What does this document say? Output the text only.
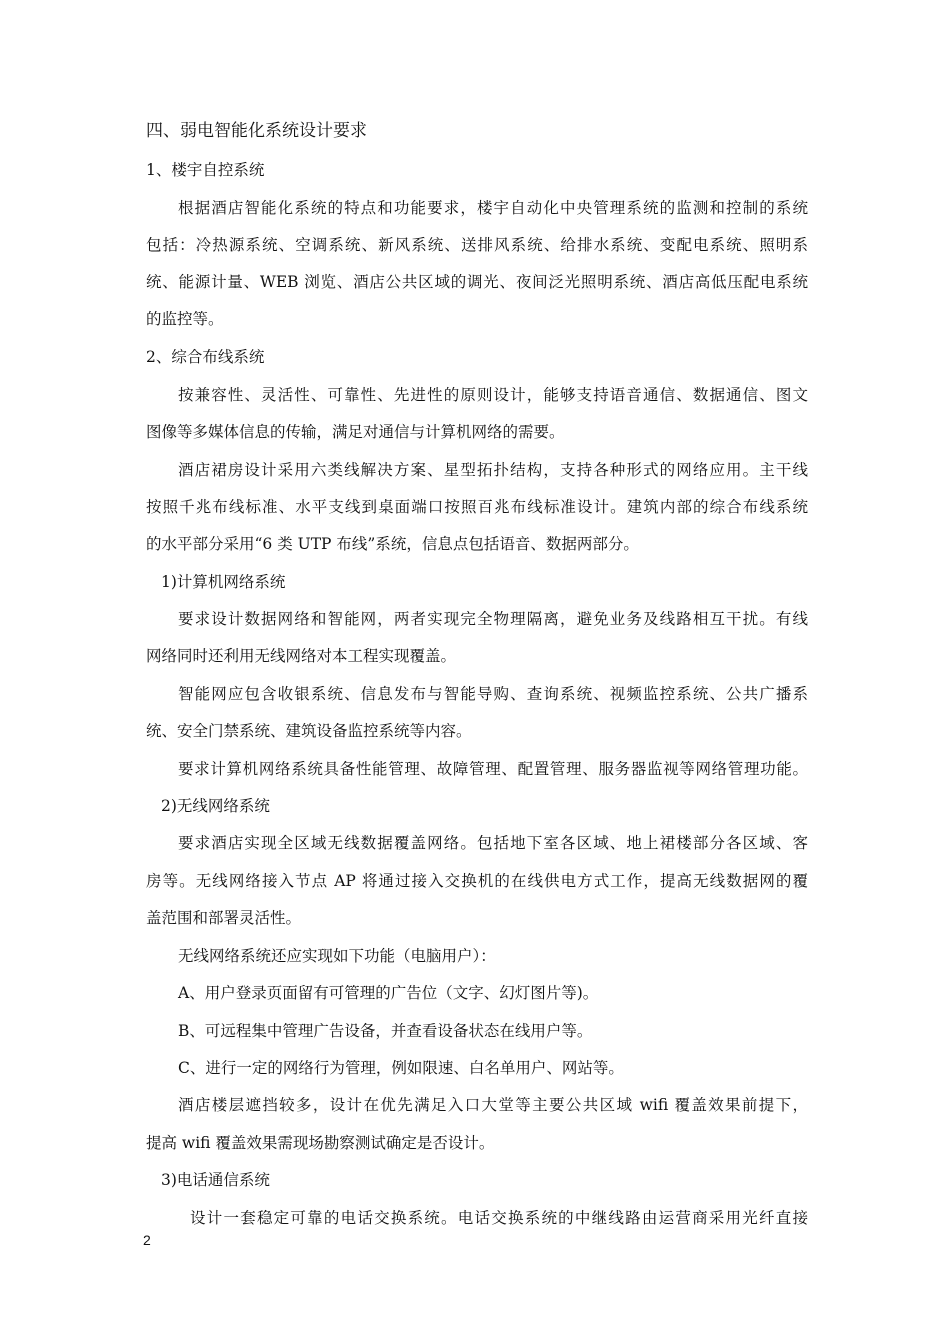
四、弱电智能化系统设计要求
1、楼宇自控系统
根据酒店智能化系统的特点和功能要求，楼宇自动化中央管理系统的监测和控制的系统
包括：冷热源系统、空调系统、新风系统、送排风系统、给排水系统、变配电系统、照明系
统、能源计量、WEB 浏览、酒店公共区域的调光、夜间泛光照明系统、酒店高低压配电系统
的监控等。
2、综合布线系统
按兼容性、灵活性、可靠性、先进性的原则设计，能够支持语音通信、数据通信、图文
图像等多媒体信息的传输，满足对通信与计算机网络的需要。
酒店裙房设计采用六类线解决方案、星型拓扑结构，支持各种形式的网络应用。主干线
按照千兆布线标准、水平支线到桌面端口按照百兆布线标准设计。建筑内部的综合布线系统
的水平部分采用“6 类 UTP 布线”系统，信息点包括语音、数据两部分。
1)计算机网络系统
要求设计数据网络和智能网，两者实现完全物理隔离，避免业务及线路相互干扰。有线
网络同时还利用无线网络对本工程实现覆盖。
智能网应包含收银系统、信息发布与智能导购、查询系统、视频监控系统、公共广播系
统、安全门禁系统、建筑设备监控系统等内容。
要求计算机网络系统具备性能管理、故障管理、配置管理、服务器监视等网络管理功能。
2)无线网络系统
要求酒店实现全区域无线数据覆盖网络。包括地下室各区域、地上裙楼部分各区域、客
房等。无线网络接入节点 AP 将通过接入交换机的在线供电方式工作，提高无线数据网的覆
盖范围和部署灵活性。
无线网络系统还应实现如下功能（电脑用户）：
A、用户登录页面留有可管理的广告位（文字、幻灯图片等)。
B、可远程集中管理广告设备，并查看设备状态在线用户等。
C、进行一定的网络行为管理，例如限速、白名单用户、网站等。
酒店楼层遮挡较多，设计在优先满足入口大堂等主要公共区域 wifi 覆盖效果前提下，
提高 wifi 覆盖效果需现场勘察测试确定是否设计。
3)电话通信系统
设计一套稳定可靠的电话交换系统。电话交换系统的中继线路由运营商采用光纤直接
2
